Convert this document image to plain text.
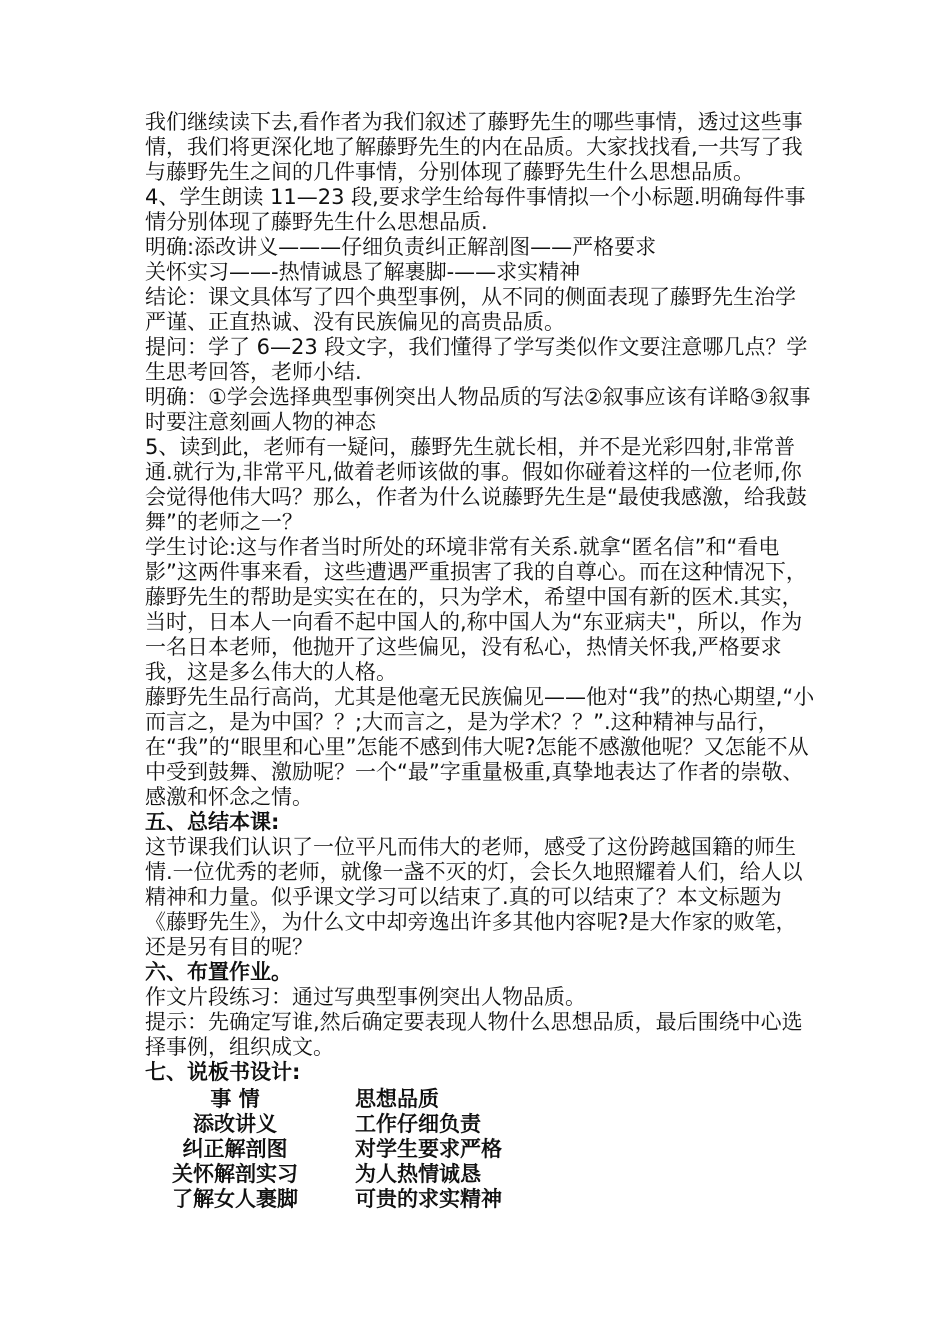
我们继续读下去,看作者为我们叙述了藤野先生的哪些事情，透过这些事情，我们将更深化地了解藤野先生的内在品质。大家找找看,一共写了我与藤野先生之间的几件事情，分别体现了藤野先生什么思想品质。

4、学生朗读 11—23 段,要求学生给每件事情拟一个小标题.明确每件事情分别体现了藤野先生什么思想品质.

明确:添改讲义———仔细负责纠正解剖图——严格要求

关怀实习——-热情诚恳了解裹脚-——求实精神

结论：课文具体写了四个典型事例，从不同的侧面表现了藤野先生治学严谨、正直热诚、没有民族偏见的高贵品质。

提问：学了 6—23 段文字，我们懂得了学写类似作文要注意哪几点？学生思考回答，老师小结.

明确：①学会选择典型事例突出人物品质的写法②叙事应该有详略③叙事时要注意刻画人物的神态

5、读到此，老师有一疑问，藤野先生就长相，并不是光彩四射,非常普通.就行为,非常平凡,做着老师该做的事。假如你碰着这样的一位老师,你会觉得他伟大吗？那么，作者为什么说藤野先生是“最使我感激，给我鼓舞”的老师之一？

学生讨论:这与作者当时所处的环境非常有关系.就拿“匿名信”和“看电影”这两件事来看，这些遭遇严重损害了我的自尊心。而在这种情况下，藤野先生的帮助是实实在在的，只为学术，希望中国有新的医术.其实，当时，日本人一向看不起中国人的,称中国人为“东亚病夫"，所以，作为一名日本老师，他抛开了这些偏见，没有私心，热情关怀我,严格要求我，这是多么伟大的人格。

藤野先生品行高尚，尤其是他毫无民族偏见——他对“我”的热心期望,“小而言之，是为中国？？;大而言之，是为学术？？”.这种精神与品行，在“我”的“眼里和心里”怎能不感到伟大呢?怎能不感激他呢？又怎能不从中受到鼓舞、激励呢？一个“最”字重量极重,真挚地表达了作者的崇敬、感激和怀念之情。

五、总结本课:

这节课我们认识了一位平凡而伟大的老师，感受了这份跨越国籍的师生情.一位优秀的老师，就像一盏不灭的灯，会长久地照耀着人们，给人以精神和力量。似乎课文学习可以结束了.真的可以结束了？本文标题为《藤野先生》，为什么文中却旁逸出许多其他内容呢?是大作家的败笔，还是另有目的呢？

六、布置作业。

作文片段练习：通过写典型事例突出人物品质。

提示：先确定写谁,然后确定要表现人物什么思想品质，最后围绕中心选择事例，组织成文。

七、说板书设计:

事 情	思想品质
添改讲义	工作仔细负责
纠正解剖图	对学生要求严格
关怀解剖实习	为人热情诚恳
了解女人裹脚	可贵的求实精神
